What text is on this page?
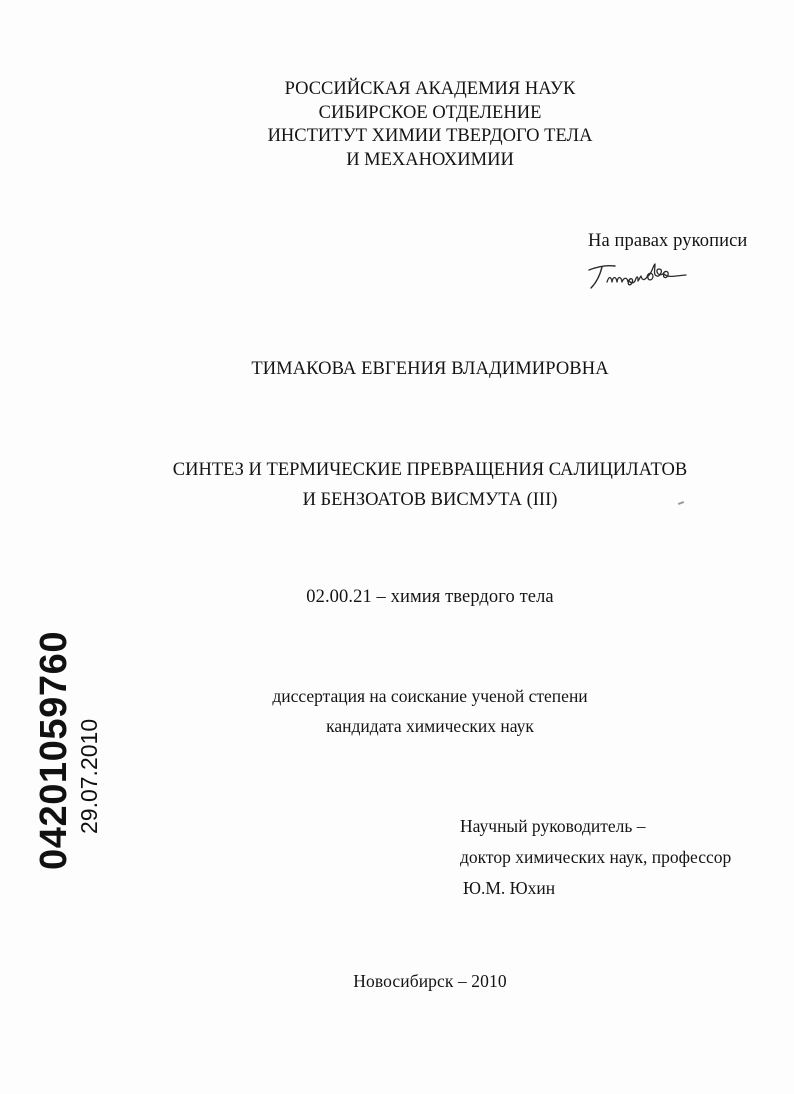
РОССИЙСКАЯ АКАДЕМИЯ НАУК
СИБИРСКОЕ ОТДЕЛЕНИЕ
ИНСТИТУТ ХИМИИ ТВЕРДОГО ТЕЛА
И МЕХАНОХИМИИ
На правах рукописи
ТИМАКОВА ЕВГЕНИЯ ВЛАДИМИРОВНА
СИНТЕЗ И ТЕРМИЧЕСКИЕ ПРЕВРАЩЕНИЯ САЛИЦИЛАТОВ
И БЕНЗОАТОВ ВИСМУТА (III)
02.00.21 – химия твердого тела
диссертация на соискание ученой степени
кандидата химических наук
Научный руководитель –
доктор химических наук, профессор
Ю.М. Юхин
Новосибирск – 2010
04201059760 29.07.2010
